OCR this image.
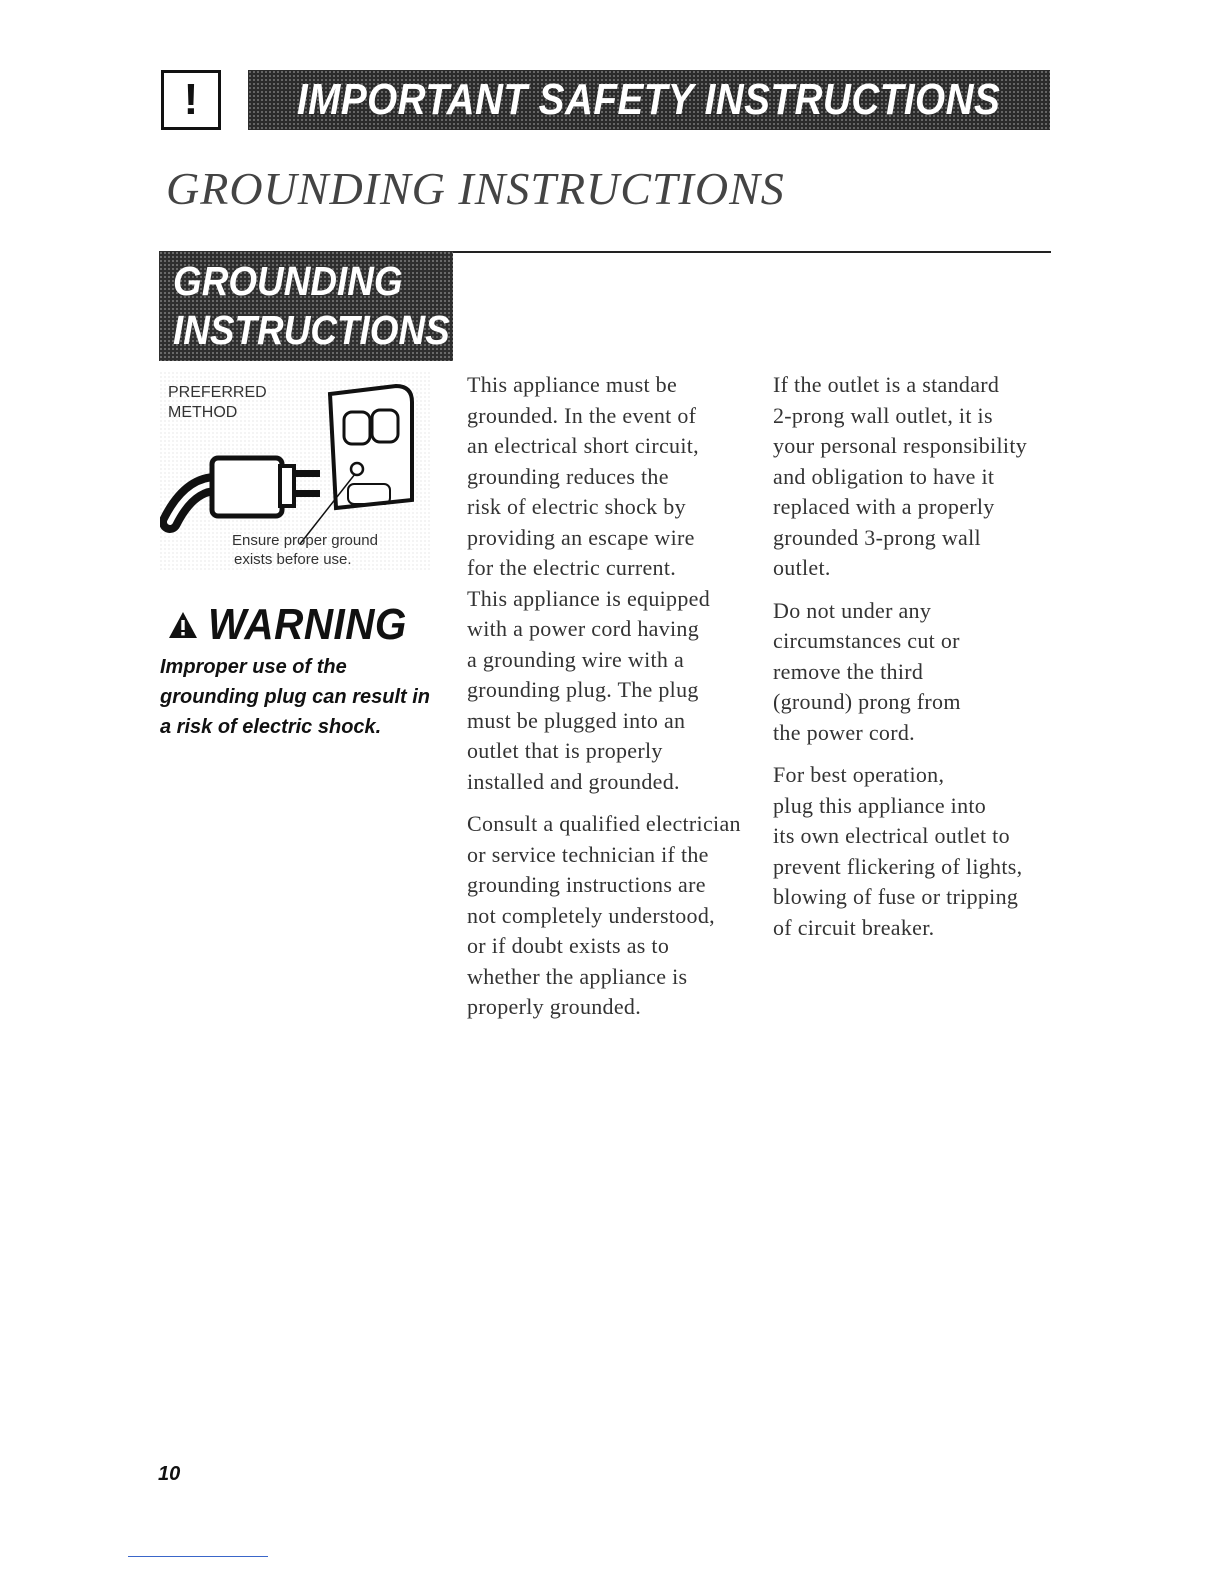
! IMPORTANT SAFETY INSTRUCTIONS
GROUNDING INSTRUCTIONS
GROUNDING
INSTRUCTIONS
PREFERRED
METHOD
Ensure proper ground
exists before use.
WARNING
Improper use of the grounding plug can result in a risk of electric shock.

This appliance must be
grounded. In the event of
an electrical short circuit,
grounding reduces the
risk of electric shock by
providing an escape wire
for the electric current.
This appliance is equipped
with a power cord having
a grounding wire with a
grounding plug. The plug
must be plugged into an
outlet that is properly
installed and grounded.

Consult a qualified electrician
or service technician if the
grounding instructions are
not completely understood,
or if doubt exists as to
whether the appliance is
properly grounded.

If the outlet is a standard
2-prong wall outlet, it is
your personal responsibility
and obligation to have it
replaced with a properly
grounded 3-prong wall
outlet.

Do not under any
circumstances cut or
remove the third
(ground) prong from
the power cord.

For best operation,
plug this appliance into
its own electrical outlet to
prevent flickering of lights,
blowing of fuse or tripping
of circuit breaker.

10
